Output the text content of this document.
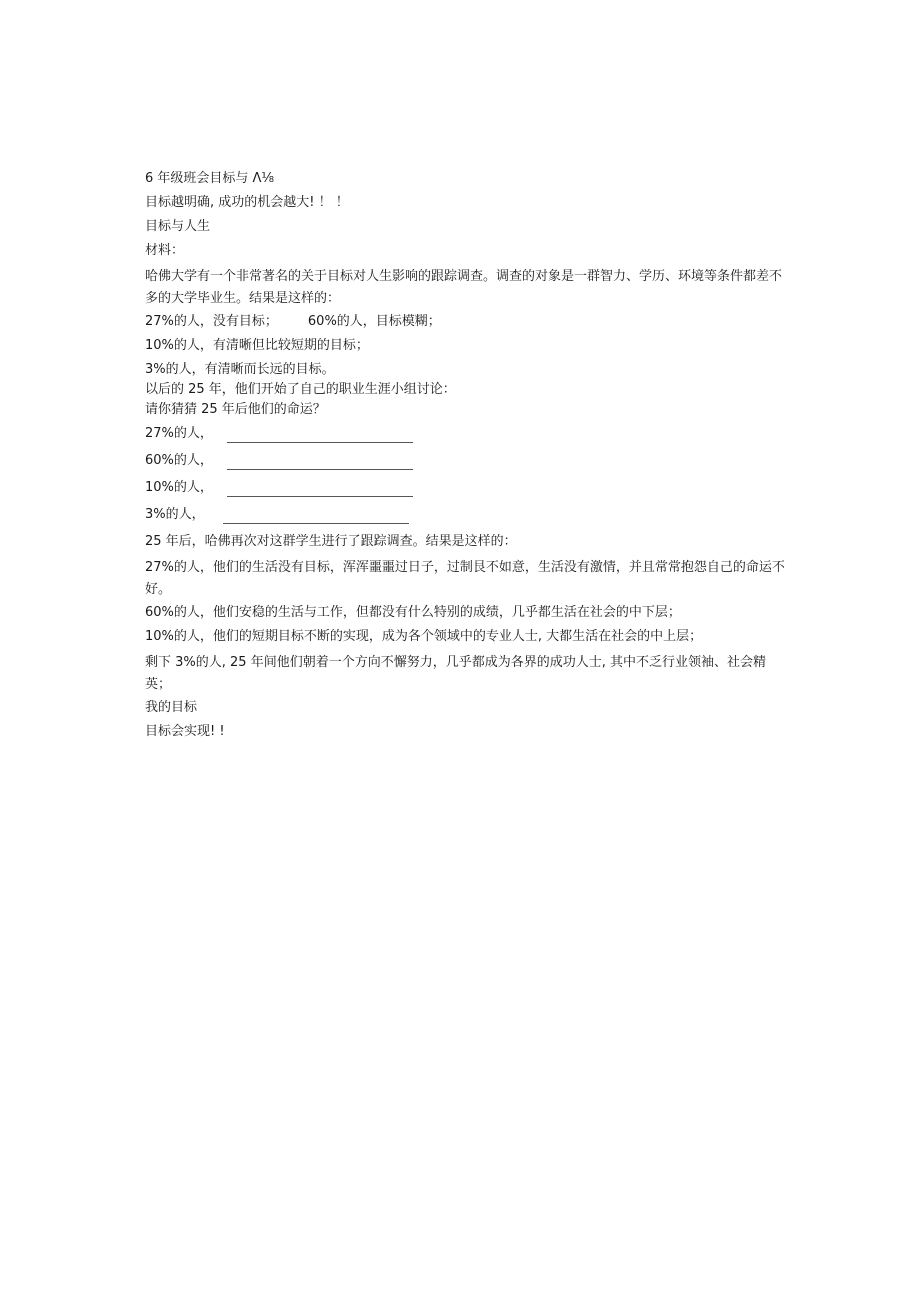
6 年级班会目标与 Λ⅛
目标越明确, 成功的机会越大! ！ ！
目标与人生
材料：
哈佛大学有一个非常著名的关于目标对人生影响的跟踪调查。调查的对象是一群智力、学历、环境等条件都差不多的大学毕业生。结果是这样的：
27%的人，没有目标； 60%的人，目标模糊；
10%的人，有清晰但比较短期的目标；
3%的人，有清晰而长远的目标。
以后的 25 年，他们开始了自己的职业生涯小组讨论：
请你猜猜 25 年后他们的命运？
27%的人，
60%的人，
10%的人，
3%的人，
25 年后，哈佛再次对这群学生进行了跟踪调查。结果是这样的：
27%的人，他们的生活没有目标，浑浑噩噩过日子，过制艮不如意，生活没有激情，并且常常抱怨自己的命运不好。
60%的人，他们安稳的生活与工作，但都没有什么特别的成绩，几乎都生活在社会的中下层；
10%的人，他们的短期目标不断的实现，成为各个领域中的专业人士, 大都生活在社会的中上层；
剩下 3%的人, 25 年间他们朝着一个方向不懈努力，几乎都成为各界的成功人士, 其中不乏行业领袖、社会精英；
我的目标
目标会实现! !
